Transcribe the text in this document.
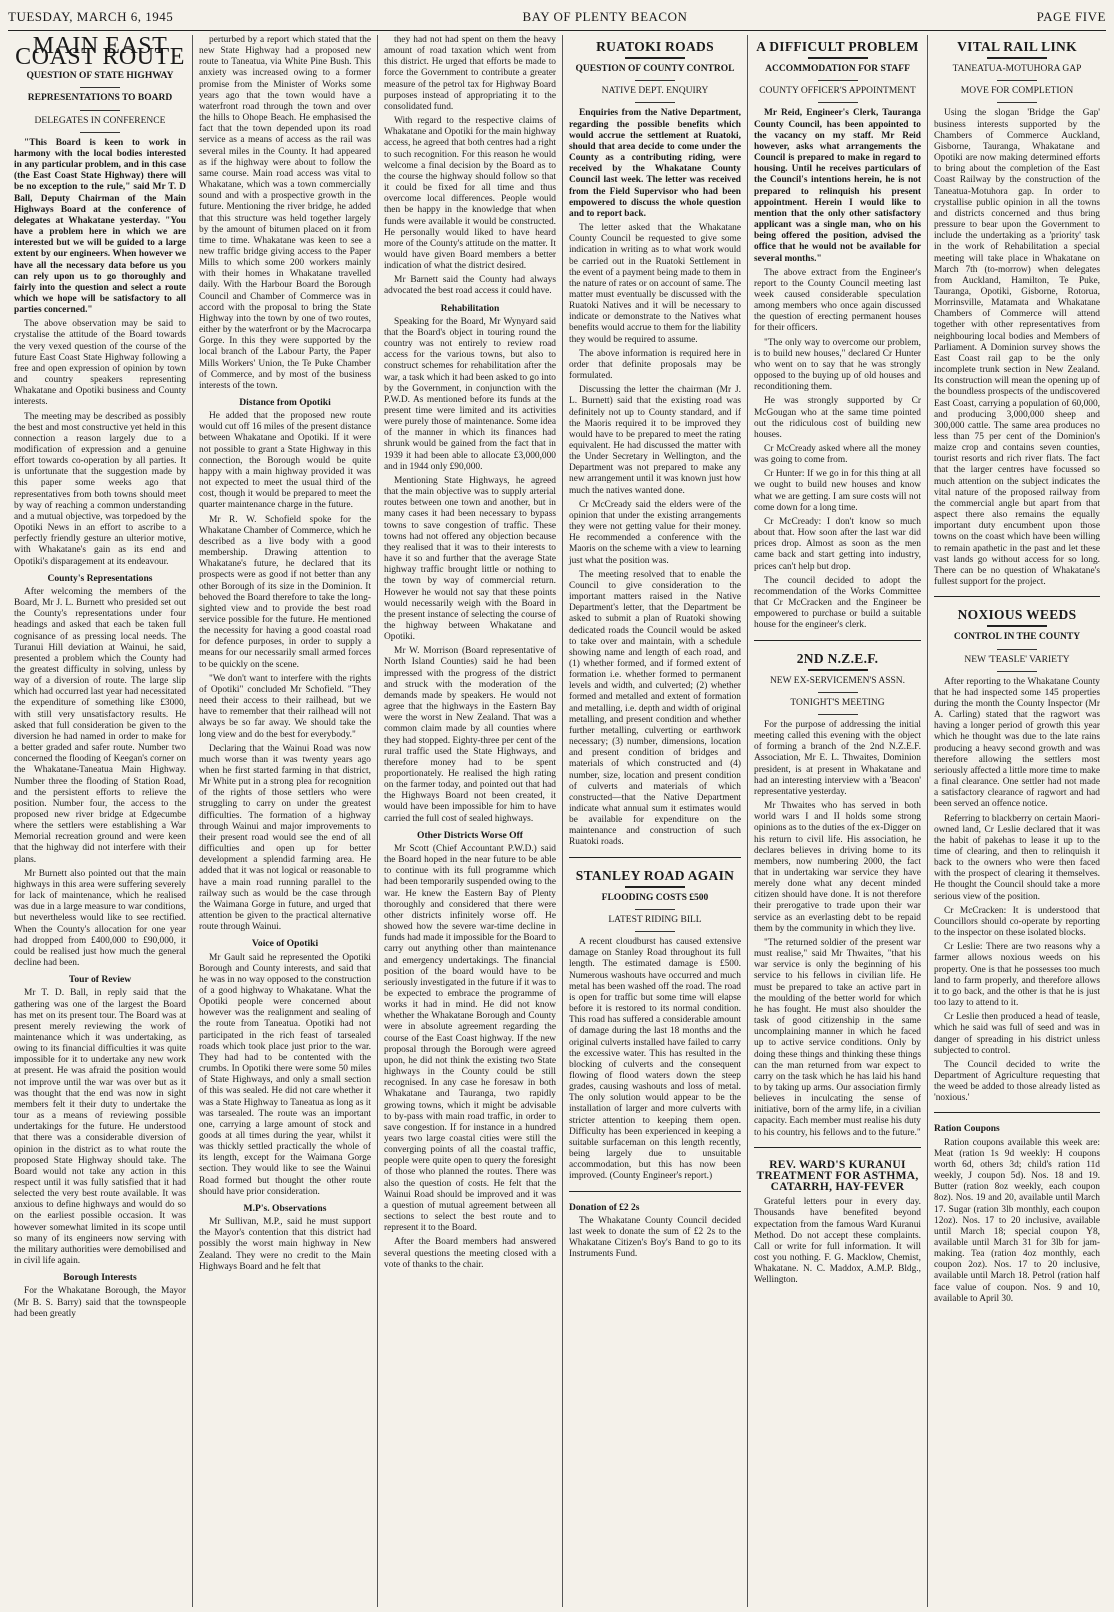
TUESDAY, MARCH 6, 1945	BAY OF PLENTY BEACON	PAGE FIVE
MAIN EAST COAST ROUTE
QUESTION OF STATE HIGHWAY
REPRESENTATIONS TO BOARD
DELEGATES IN CONFERENCE

"This Board is keen to work in harmony with the local bodies interested in any particular problem, and in this case (the East Coast State Highway) there will be no exception to the rule," said Mr T. D Ball, Deputy Chairman of the Main Highways Board at the conference of delegates at Whakatane yesterday. "You have a problem here in which we are interested but we will be guided to a large extent by our engineers. When however we have all the necessary data before us you can rely upon us to go thoroughly and fairly into the question and select a route which we hope will be satisfactory to all parties concerned."

The above observation may be said to crystalise the attitude of the Board towards the very vexed question of the course of the future East Coast State Highway following a free and open expression of opinion by town and country speakers representing Whakatane and Opotiki business and County interests.

The meeting may be described as possibly the best and most constructive yet held in this connection a reason largely due to a modification of expression and a genuine effort towards co-operation by all parties. It is unfortunate that the suggestion made by this paper some weeks ago that representatives from both towns should meet by way of reaching a common understanding and a mutual objective, was torpedoed by the Opotiki News in an effort to ascribe to a perfectly friendly gesture an ulterior motive, with Whakatane's gain as its end and Opotiki's disparagement at its endeavour.

County's Representations

After welcoming the members of the Board, Mr J. L. Burnett who presided set out the County's representations under four headings and asked that each be taken full cognisance of as pressing local needs. The Turanui Hill deviation at Wainui, he said, presented a problem which the County had the greatest difficulty in solving, unless by way of a diversion of route. The large slip which had occurred last year had necessitated the expenditure of something like £3000, with still very unsatisfactory results. He asked that full consideration be given to the diversion he had named in order to make for a better graded and safer route. Number two concerned the flooding of Keegan's corner on the Whakatane-Taneatua Main Highway. Number three the flooding of Station Road, and the persistent efforts to relieve the position. Number four, the access to the proposed new river bridge at Edgecumbe where the settlers were establishing a War Memorial recreation ground and were keen that the highway did not interfere with their plans.

Mr Burnett also pointed out that the main highways in this area were suffering severely for lack of maintenance, which he realised was due in a large measure to war conditions, but nevertheless would like to see rectified. When the County's allocation for one year had dropped from £400,000 to £90,000, it could be realised just how much the general decline had been.

Tour of Review

Mr T. D. Ball, in reply said that the gathering was one of the largest the Board has met on its present tour. The Board was at present merely reviewing the work of maintenance which it was undertaking, as owing to its financial difficulties it was quite impossible for it to undertake any new work at present. He was afraid the position would not improve until the war was over but as it was thought that the end was now in sight members felt it their duty to undertake the tour as a means of reviewing possible undertakings for the future. He understood that there was a considerable diversion of opinion in the district as to what route the proposed State Highway should take. The Board would not take any action in this respect until it was fully satisfied that it had selected the very best route available. It was anxious to define highways and would do so on the earliest possible occasion. It was however somewhat limited in its scope until so many of its engineers now serving with the military authorities were demobilised and in civil life again.

Borough Interests

For the Whakatane Borough, the Mayor (Mr B. S. Barry) said that the townspeople had been greatly

perturbed by a report which stated that the new State Highway had a proposed new route to Taneatua, via White Pine Bush. This anxiety was increased owing to a former promise from the Minister of Works some years ago that the town would have a waterfront road through the town and over the hills to Ohope Beach. He emphasised the fact that the town depended upon its road service as a means of access as the rail was several miles in the County. It had appeared as if the highway were about to follow the same course. Main road access was vital to Whakatane, which was a town commercially sound and with a prospective growth in the future. Mentioning the river bridge, he added that this structure was held together largely by the amount of bitumen placed on it from time to time. Whakatane was keen to see a new traffic bridge giving access to the Paper Mills to which some 200 workers mainly with their homes in Whakatane travelled daily. With the Harbour Board the Borough Council and Chamber of Commerce was in accord with the proposal to bring the State Highway into the town by one of two routes, either by the waterfront or by the Macrocarpa Gorge. In this they were supported by the local branch of the Labour Party, the Paper Mills Workers' Union, the Te Puke Chamber of Commerce, and by most of the business interests of the town.

Distance from Opotiki

He added that the proposed new route would cut off 16 miles of the present distance between Whakatane and Opotiki. If it were not possible to grant a State Highway in this connection, the Borough would be quite happy with a main highway provided it was not expected to meet the usual third of the cost, though it would be prepared to meet the quarter maintenance charge in the future.

Mr R. W. Schofield spoke for the Whakatane Chamber of Commerce, which he described as a live body with a good membership. Drawing attention to Whakatane's future, he declared that its prospects were as good if not better than any other Borough of its size in the Dominion. It behoved the Board therefore to take the long-sighted view and to provide the best road service possible for the future. He mentioned the necessity for having a good coastal road for defence purposes, in order to supply a means for our necessarily small armed forces to be quickly on the scene.

"We don't want to interfere with the rights of Opotiki" concluded Mr Schofield. "They need their access to their railhead, but we have to remember that their railhead will not always be so far away. We should take the long view and do the best for everybody."

Declaring that the Wainui Road was now much worse than it was twenty years ago when he first started farming in that district, Mr White put in a strong plea for recognition of the rights of those settlers who were struggling to carry on under the greatest difficulties. The formation of a highway through Wainui and major improvements to their present road would see the end of all difficulties and open up for better development a splendid farming area. He added that it was not logical or reasonable to have a main road running parallel to the railway such as would be the case through the Waimana Gorge in future, and urged that attention be given to the practical alternative route through Wainui.

Voice of Opotiki

Mr Gault said he represented the Opotiki Borough and County interests, and said that he was in no way opposed to the construction of a good highway to Whakatane. What the Opotiki people were concerned about however was the realignment and sealing of the route from Taneatua. Opotiki had not participated in the rich feast of tarsealed roads which took place just prior to the war. They had had to be contented with the crumbs. In Opotiki there were some 50 miles of State Highways, and only a small section of this was sealed. He did not care whether it was a State Highway to Taneatua as long as it was tarsealed. The route was an important one, carrying a large amount of stock and goods at all times during the year, whilst it was thickly settled practically the whole of its length, except for the Waimana Gorge section. They would like to see the Wainui Road formed but thought the other route should have prior consideration.

M.P's. Observations

Mr Sullivan, M.P., said he must support the Mayor's contention that this district had possibly the worst main highway in New Zealand. They were no credit to the Main Highways Board and he felt that

they had not had spent on them the heavy amount of road taxation which went from this district. He urged that efforts be made to force the Government to contribute a greater measure of the petrol tax for Highway Board purposes instead of appropriating it to the consolidated fund.

With regard to the respective claims of Whakatane and Opotiki for the main highway access, he agreed that both centres had a right to such recognition. For this reason he would welcome a final decision by the Board as to the course the highway should follow so that it could be fixed for all time and thus overcome local differences. People would then be happy in the knowledge that when funds were available it would be constructed. He personally would liked to have heard more of the County's attitude on the matter. It would have given Board members a better indication of what the district desired.

Mr Barnett said the County had always advocated the best road access it could have.

Rehabilitation

Speaking for the Board, Mr Wynyard said that the Board's object in touring round the country was not entirely to review road access for the various towns, but also to construct schemes for rehabilitation after the war, a task which it had been asked to go into by the Government, in conjunction with the P.W.D. As mentioned before its funds at the present time were limited and its activities were purely those of maintenance. Some idea of the manner in which its finances had shrunk would be gained from the fact that in 1939 it had been able to allocate £3,000,000 and in 1944 only £90,000.

Mentioning State Highways, he agreed that the main objective was to supply arterial routes between one town and another, but in many cases it had been necessary to bypass towns to save congestion of traffic. These towns had not offered any objection because they realised that it was to their interests to have it so and further that the average State highway traffic brought little or nothing to the town by way of commercial return. However he would not say that these points would necessarily weigh with the Board in the present instance of selecting the course of the highway between Whakatane and Opotiki.

Mr W. Morrison (Board representative of North Island Counties) said he had been impressed with the progress of the district and struck with the moderation of the demands made by speakers. He would not agree that the highways in the Eastern Bay were the worst in New Zealand. That was a common claim made by all counties where they had stopped. Eighty-three per cent of the rural traffic used the State Highways, and therefore money had to be spent proportionately. He realised the high rating on the farmer today, and pointed out that had the Highways Board not been created, it would have been impossible for him to have carried the full cost of sealed highways.

Other Districts Worse Off

Mr Scott (Chief Accountant P.W.D.) said the Board hoped in the near future to be able to continue with its full programme which had been temporarily suspended owing to the war. He knew the Eastern Bay of Plenty thoroughly and considered that there were other districts infinitely worse off. He showed how the severe war-time decline in funds had made it impossible for the Board to carry out anything other than maintenance and emergency undertakings. The financial position of the board would have to be seriously investigated in the future if it was to be expected to embrace the programme of works it had in mind. He did not know whether the Whakatane Borough and County were in absolute agreement regarding the course of the East Coast highway. If the new proposal through the Borough were agreed upon, he did not think the existing two State highways in the County could be still recognised. In any case he foresaw in both Whakatane and Tauranga, two rapidly growing towns, which it might be advisable to by-pass with main road traffic, in order to save congestion. If for instance in a hundred years two large coastal cities were still the converging points of all the coastal traffic, people were quite open to query the foresight of those who planned the routes. There was also the question of costs. He felt that the Wainui Road should be improved and it was a question of mutual agreement between all sections to select the best route and to represent it to the Board.

After the Board members had answered several questions the meeting closed with a vote of thanks to the chair.

RUATOKI ROADS
QUESTION OF COUNTY CONTROL
NATIVE DEPT. ENQUIRY

Enquiries from the Native Department, regarding the possible benefits which would accrue the settlement at Ruatoki, should that area decide to come under the County as a contributing riding, were received by the Whakatane County Council last week. The letter was received from the Field Supervisor who had been empowered to discuss the whole question and to report back.

The letter asked that the Whakatane County Council be requested to give some indication in writing as to what work would be carried out in the Ruatoki Settlement in the event of a payment being made to them in the nature of rates or on account of same. The matter must eventually be discussed with the Ruatoki Natives and it will be necessary to indicate or demonstrate to the Natives what benefits would accrue to them for the liability they would be required to assume.

The above information is required here in order that definite proposals may be formulated.

Discussing the letter the chairman (Mr J. L. Burnett) said that the existing road was definitely not up to County standard, and if the Maoris required it to be improved they would have to be prepared to meet the rating equivalent. He had discussed the matter with the Under Secretary in Wellington, and the Department was not prepared to make any new arrangement until it was known just how much the natives wanted done.

Cr McCready said the elders were of the opinion that under the existing arrangements they were not getting value for their money. He recommended a conference with the Maoris on the scheme with a view to learning just what the position was.

The meeting resolved that to enable the Council to give consideration to the important matters raised in the Native Department's letter, that the Department be asked to submit a plan of Ruatoki showing dedicated roads the Council would be asked to take over and maintain, with a schedule showing name and length of each road, and (1) whether formed, and if formed extent of formation i.e. whether formed to permanent levels and width, and culverted; (2) whether formed and metalled and extent of formation and metalling, i.e. depth and width of original metalling, and present condition and whether further metalling, culverting or earthwork necessary; (3) number, dimensions, location and present condition of bridges and materials of which constructed and (4) number, size, location and present condition of culverts and materials of which constructed—that the Native Department indicate what annual sum it estimates would be available for expenditure on the maintenance and construction of such Ruatoki roads.

STANLEY ROAD AGAIN
FLOODING COSTS £500
LATEST RIDING BILL

A recent cloudburst has caused extensive damage on Stanley Road throughout its full length. The estimated damage is £500. Numerous washouts have occurred and much metal has been washed off the road. The road is open for traffic but some time will elapse before it is restored to its normal condition. This road has suffered a considerable amount of damage during the last 18 months and the original culverts installed have failed to carry the excessive water. This has resulted in the blocking of culverts and the consequent flowing of flood waters down the steep grades, causing washouts and loss of metal. The only solution would appear to be the installation of larger and more culverts with stricter attention to keeping them open. Difficulty has been experienced in keeping a suitable surfaceman on this length recently, being largely due to unsuitable accommodation, but this has now been improved. (County Engineer's report.)

Donation of £2 2s

The Whakatane County Council decided last week to donate the sum of £2 2s to the Whakatane Citizen's Boy's Band to go to its Instruments Fund.

A DIFFICULT PROBLEM
ACCOMMODATION FOR STAFF
COUNTY OFFICER'S APPOINTMENT

Mr Reid, Engineer's Clerk, Tauranga County Council, has been appointed to the vacancy on my staff. Mr Reid however, asks what arrangements the Council is prepared to make in regard to housing. Until he receives particulars of the Council's intentions herein, he is not prepared to relinquish his present appointment. Herein I would like to mention that the only other satisfactory applicant was a single man, who on his being offered the position, advised the office that he would not be available for several months."

The above extract from the Engineer's report to the County Council meeting last week caused considerable speculation among members who once again discussed the question of erecting permanent houses for their officers.

"The only way to overcome our problem, is to build new houses," declared Cr Hunter who went on to say that he was strongly opposed to the buying up of old houses and reconditioning them.

He was strongly supported by Cr McGougan who at the same time pointed out the ridiculous cost of building new houses.

Cr McCready asked where all the money was going to come from.

Cr Hunter: If we go in for this thing at all we ought to build new houses and know what we are getting. I am sure costs will not come down for a long time.

Cr McCready: I don't know so much about that. How soon after the last war did prices drop. Almost as soon as the men came back and start getting into industry, prices can't help but drop.

The council decided to adopt the recommendation of the Works Committee that Cr McCracken and the Engineer be empowered to purchase or build a suitable house for the engineer's clerk.

2ND N.Z.E.F.
NEW EX-SERVICEMEN'S ASSN.
TONIGHT'S MEETING

For the purpose of addressing the initial meeting called this evening with the object of forming a branch of the 2nd N.Z.E.F. Association, Mr E. L. Thwaites, Dominion president, is at present in Whakatane and had an interesting interview with a 'Beacon' representative yesterday.

Mr Thwaites who has served in both world wars I and II holds some strong opinions as to the duties of the ex-Digger on his return to civil life. His association, he declares believes in driving home to its members, now numbering 2000, the fact that in undertaking war service they have merely done what any decent minded citizen should have done. It is not therefore their prerogative to trade upon their war service as an everlasting debt to be repaid them by the community in which they live.

"The returned soldier of the present war must realise," said Mr Thwaites, "that his war service is only the beginning of his service to his fellows in civilian life. He must be prepared to take an active part in the moulding of the better world for which he has fought. He must also shoulder the task of good citizenship in the same uncomplaining manner in which he faced up to active service conditions. Only by doing these things and thinking these things can the man returned from war expect to carry on the task which he has laid his hand to by taking up arms. Our association firmly believes in inculcating the sense of initiative, born of the army life, in a civilian capacity. Each member must realise his duty to his country, his fellows and to the future."

REV. WARD'S KURANUI TREATMENT FOR ASTHMA, CATARRH, HAY-FEVER

Grateful letters pour in every day. Thousands have benefited beyond expectation from the famous Ward Kuranui Method. Do not accept these complaints. Call or write for full information. It will cost you nothing. F. G. Macklow, Chemist, Whakatane. N. C. Maddox, A.M.P. Bldg., Wellington.

VITAL RAIL LINK
TANEATUA-MOTUHORA GAP
MOVE FOR COMPLETION

Using the slogan 'Bridge the Gap' business interests supported by the Chambers of Commerce Auckland, Gisborne, Tauranga, Whakatane and Opotiki are now making determined efforts to bring about the completion of the East Coast Railway by the construction of the Taneatua-Motuhora gap. In order to crystallise public opinion in all the towns and districts concerned and thus bring pressure to bear upon the Government to include the undertaking as a 'priority' task in the work of Rehabilitation a special meeting will take place in Whakatane on March 7th (to-morrow) when delegates from Auckland, Hamilton, Te Puke, Tauranga, Opotiki, Gisborne, Rotorua, Morrinsville, Matamata and Whakatane Chambers of Commerce will attend together with other representatives from neighbouring local bodies and Members of Parliament. A Dominion survey shows the East Coast rail gap to be the only incomplete trunk section in New Zealand. Its construction will mean the opening up of the boundless prospects of the undiscovered East Coast, carrying a population of 60,000, and producing 3,000,000 sheep and 300,000 cattle. The same area produces no less than 75 per cent of the Dominion's maize crop and contains seven counties, tourist resorts and rich river flats. The fact that the larger centres have focussed so much attention on the subject indicates the vital nature of the proposed railway from the commercial angle but apart from that aspect there also remains the equally important duty encumbent upon those towns on the coast which have been willing to remain apathetic in the past and let these vast lands go without access for so long. There can be no question of Whakatane's fullest support for the project.

NOXIOUS WEEDS
CONTROL IN THE COUNTY
NEW 'TEASLE' VARIETY

After reporting to the Whakatane County that he had inspected some 145 properties during the month the County Inspector (Mr A. Carling) stated that the ragwort was having a longer period of growth this year which he thought was due to the late rains producing a heavy second growth and was therefore allowing the settlers most seriously affected a little more time to make a final clearance. One settler had not made a satisfactory clearance of ragwort and had been served an offence notice.

Referring to blackberry on certain Maori-owned land, Cr Leslie declared that it was the habit of pakehas to lease it up to the time of clearing, and then to relinquish it back to the owners who were then faced with the prospect of clearing it themselves. He thought the Council should take a more serious view of the position.

Cr McCracken: It is understood that Councillors should co-operate by reporting to the inspector on these isolated blocks.

Cr Leslie: There are two reasons why a farmer allows noxious weeds on his property. One is that he possesses too much land to farm properly, and therefore allows it to go back, and the other is that he is just too lazy to attend to it.

Cr Leslie then produced a head of teasle, which he said was full of seed and was in danger of spreading in his district unless subjected to control.

The Council decided to write the Department of Agriculture requesting that the weed be added to those already listed as 'noxious.'

Ration Coupons

Ration coupons available this week are: Meat (ration 1s 9d weekly: H coupons worth 6d, others 3d; child's ration 11d weekly, J coupon 5d). Nos. 18 and 19. Butter (ration 8oz weekly, each coupon 8oz). Nos. 19 and 20, available until March 17. Sugar (ration 3lb monthly, each coupon 12oz). Nos. 17 to 20 inclusive, available until March 18; special coupon Y8, available until March 31 for 3lb for jam-making. Tea (ration 4oz monthly, each coupon 2oz). Nos. 17 to 20 inclusive, available until March 18. Petrol (ration half face value of coupon. Nos. 9 and 10, available to April 30.
